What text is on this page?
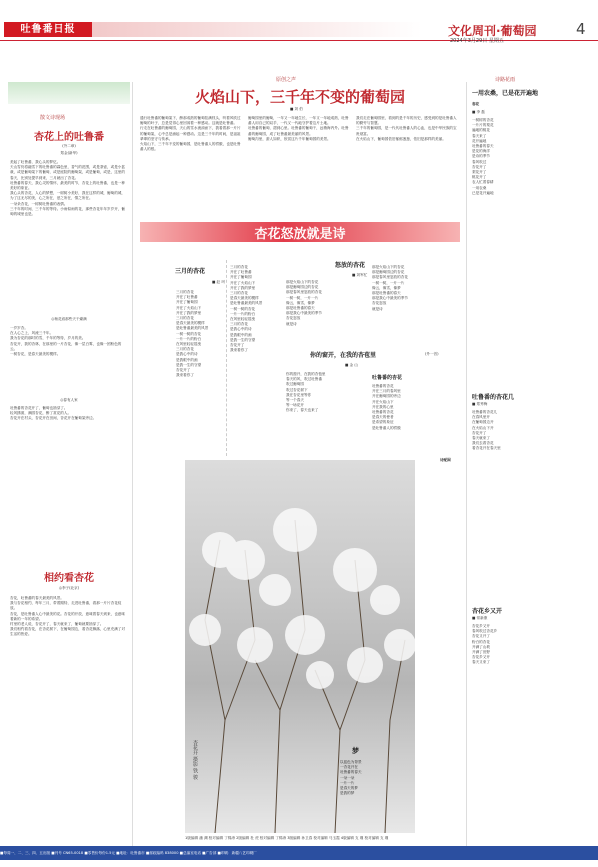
吐鲁番日报	文化周刊·葡萄园	4
2024年3月29日 星期五
散文诗现场
杏花上的吐鲁番
(外二章)
郑金(新华)
美起了吐鲁番，我心头的梦忆。
天山雪仍将融雪下的吐鲁番的暮色里，香气的范围，或是茶壶，或是小盆栽，或是葡萄架下的葡萄，或是庭院的葡萄架，或是葡萄，或是，这里的春天，比别处提早到来，三月就出了杏花。
吐鲁番的春天，我心灵的情怀，最美的时节，杏花上的吐鲁番，也是一种美好的象征。
我心头的杏花，人心的梦想，一树树小美好，我在这样的城，葡萄的城，为了这无尽的美，心之所在，爱之所在，情之所在。
一朵朵杏花，一树树吐鲁番的表情。
三千年的时间，三千年的等待。小雨似雨的花，那些杏花年年岁岁开，葡萄的城里也是。
◎杨花叙那些天干燥满
一岁岁杏。
在人心之上，风流三千年。
我为杏花的那时的雪，千年的等待，岁月的美。
杏花开，我的杏林，在那里的一片杏花，像一层白雾，也像一团粉色的云。
一树杏花，是春天最美的模样。
◎春有人家
吐鲁番的杏花开了，葡萄也抽芽了。
轻风拂面，满园杏花，醉了赏花的人。
杏花开在村头，杏花开在田间，杏花开在葡萄架旁边。
相约看杏花
◎李子(北京)
杏花，吐鲁番的春天最美的风景。
我与杏花相约，每年三月，带着期待，走进吐鲁番，看那一片片杏花绽放。
杏花，是吐鲁番人心中最美的花。杏花的开放，意味着春天到来，也意味着新的一年的希望。
村里的老人说，杏花开了，春天就来了，葡萄就要抽芽了。
我们相约看杏花，在杏花树下，在葡萄园边，看杏花飘落，心里充满了对生活的热爱。
原创之声
火焰山下，三千年不变的葡萄园
■ 刘 伯
通行吐鲁番的葡萄架下，醉那成熟的葡萄挂满枝头，听着风吹过葡萄的叶子，总是觉得心里回荡着一种感动。这就是吐鲁番。
行走在吐鲁番的葡萄园，天山的雪水流淌而下，我看着那一片片的葡萄架，心中总是涌起一种感动。这是三千年的时间，是祖祖辈辈的坚守与传承。
火焰山下，三千年不变的葡萄园，是吐鲁番人的骄傲，也是吐鲁番人的根。
葡萄园里的葡萄，一年又一年地生长，一年又一年地成熟，吐鲁番人用自己的双手，一代又一代地守护着这片土地。
吐鲁番的葡萄，甜到心里。吐鲁番的葡萄干，远销海内外。吐鲁番的葡萄园，成了吐鲁番最美丽的风景。
葡萄沟里，游人如织，欣赏这片千年葡萄园的美景。
我们走在葡萄园里，看到的是千年的历史，感受到的是吐鲁番人的勤劳与智慧。
三千年的葡萄园，是一代代吐鲁番人的心血，也是中华民族的宝贵财富。
在火焰山下，葡萄园依旧郁郁葱葱，依旧是那样的美丽。
杏花怒放就是诗
三月的杏花
■ 赵 玛
三月的杏花
开在了吐鲁番
开在了葡萄园
开在了火焰山下
开在了我的梦里
三月的杏花
是春天最美的模样
是吐鲁番最美的风景
一树一树的杏花
一片一片的粉白
在风里轻轻摇曳
三月的杏花
是我心中的诗
是我眼中的画
是我一生的守望
杏花开了
我来看你了
三月的杏花
开在了吐鲁番
开在了葡萄园
开在了火焰山下
开在了我的梦里
三月的杏花
是春天最美的模样
是吐鲁番最美的风景
一树一树的杏花
一片一片的粉白
在风里轻轻摇曳
三月的杏花
是我心中的诗
是我眼中的画
是我一生的守望
杏花开了
我来看你了
怒放的杏花
■ 刘军忙
那是火焰山下的杏花
那是葡萄园边的杏花
那是春风里怒放的杏花
一树一树，一片一片
像云，像雪，像梦
那是吐鲁番的春天
那是我心中最美的季节
杏花怒放
就是诗
那是火焰山下的杏花
那是葡萄园边的杏花
那是春风里怒放的杏花
一树一树，一片一片
像云，像雪，像梦
那是吐鲁番的春天
那是我心中最美的季节
杏花怒放
就是诗
你的窗开，在我的杏苞里	(外一首)
■ 金 山
你的窗开，在我的杏苞里
春天的风，吹过吐鲁番
吹过葡萄园
吹过杏花树下
我在杏花里等你
等一个春天
等一场花开
你来了，春天也来了
吐鲁番的杏花
吐鲁番的杏花
开在三月的春风里
开在葡萄园的旁边
开在火焰山下
开在我的心里
吐鲁番的杏花
是春天的使者
是希望的象征
是吐鲁番人的骄傲
诗配图
杏花开 摄影 铁 骏	梦
以蓝色为背景
一杏花开在
吐鲁番的春天
一朵一朵
一片一片
是春天的梦
是我的梦
1版编辑 潘 渊 校对编辑 丁锦涛 2版编辑 杜 虎 校对编辑 丁锦涛 3版编辑 孙卫春 校对编辑 马玉霞 4版编辑 支 瑾 校对编辑 支 瑾
诗路花雨
一用农桑，已是花开遍地
春花
■ 李 磊
一树树的杏花
一片片的梨花
遍地的桃花
春天来了
花开遍地
吐鲁番的春天
是花的海洋
是诗的季节
春风吹过
杏花开了
梨花开了
桃花开了
农人忙着春耕
一用农桑
已是花开遍地
吐鲁番的杏花几
■ 郑秀梅
吐鲁番的杏花几
在春风里开
在葡萄园边开
在火焰山下开
杏花开了
春天就来了
我们去看杏花
看杏花开在春天里
杏花乡又开
■ 常新康
杏花乡又开
春风吹过杏花乡
杏花又开了
粉白的杏花
开满了山坡
开满了田野
杏花乡又开
春天又来了
■每周一、二、三、四、五出版 ■刊号 CN65-0018 ■零售价每份1.5元 ■地址：吐鲁番市 ■邮政编码 838000 ■总编室电话 ■广告部 ■印刷：新疆八艺印刷厂
